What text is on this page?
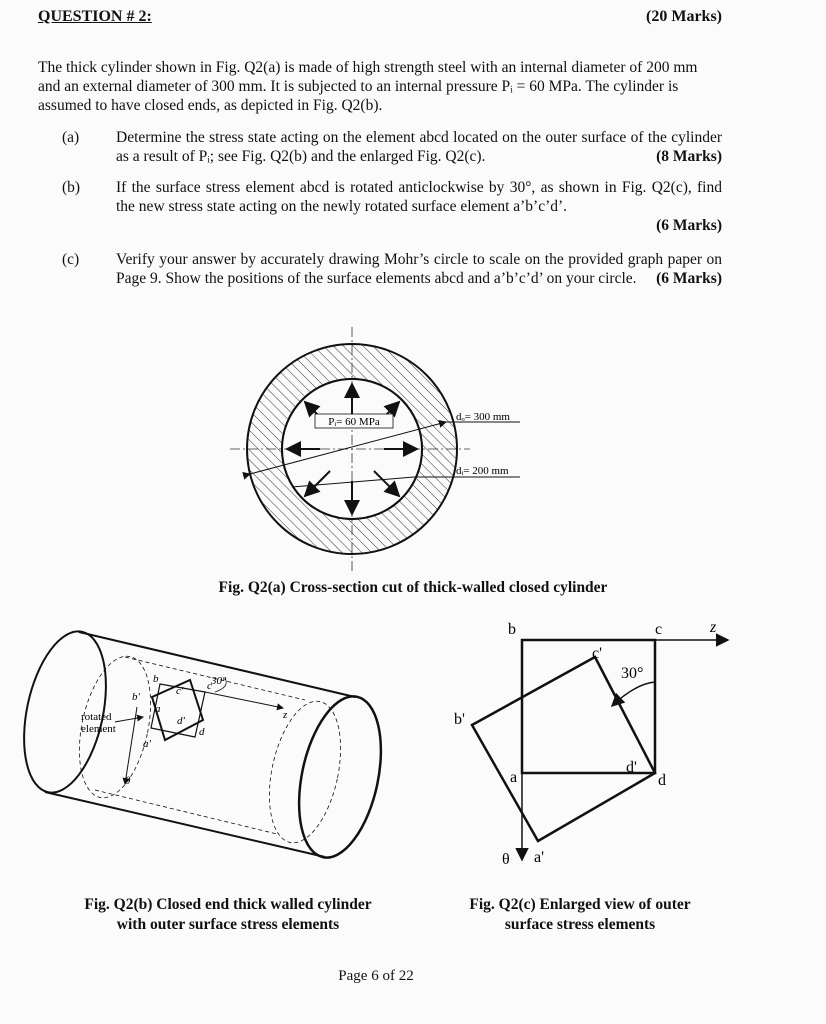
QUESTION # 2:	(20 Marks)
The thick cylinder shown in Fig. Q2(a) is made of high strength steel with an internal diameter of 200 mm and an external diameter of 300 mm. It is subjected to an internal pressure Pᵢ = 60 MPa. The cylinder is assumed to have closed ends, as depicted in Fig. Q2(b).
(a) Determine the stress state acting on the element abcd located on the outer surface of the cylinder as a result of Pᵢ; see Fig. Q2(b) and the enlarged Fig. Q2(c).	(8 Marks)
(b) If the surface stress element abcd is rotated anticlockwise by 30°, as shown in Fig. Q2(c), find the new stress state acting on the newly rotated surface element a’b’c’d’.

(6 Marks)
(c) Verify your answer by accurately drawing Mohr’s circle to scale on the provided graph paper on Page 9. Show the positions of the surface elements abcd and a’b’c’d’ on your circle. (6 Marks)
Pᵢ= 60 MPa	dₒ= 300 mm
dᵢ= 200 mm
Fig. Q2(a) Cross-section cut of thick-walled closed cylinder
b
c
a
d
b'	c'
a'
d'
30°
z
θ
rotated
element
Fig. Q2(b) Closed end thick walled cylinder
with outer surface stress elements
b	c
a	d
b'
c'
a'
d'
30°
z
θ
Fig. Q2(c) Enlarged view of outer
surface stress elements
Page 6 of 22
